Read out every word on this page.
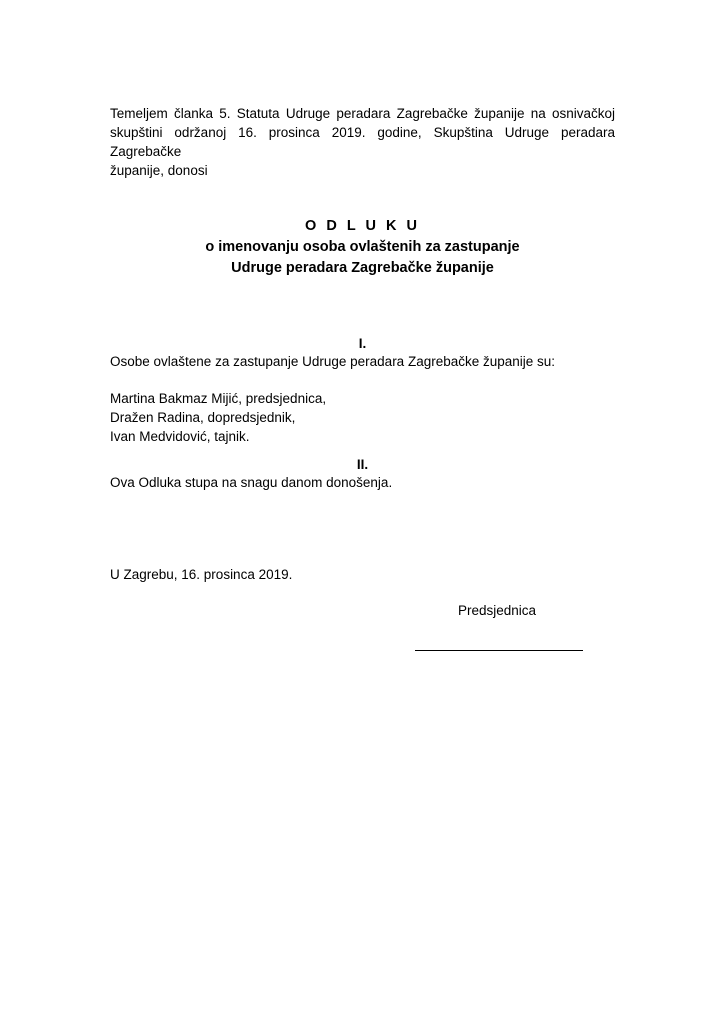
Temeljem članka 5. Statuta Udruge peradara Zagrebačke županije na osnivačkoj
skupštini održanoj 16. prosinca 2019. godine, Skupština Udruge peradara Zagrebačke
županije, donosi
O D L U K U
o imenovanju osoba ovlaštenih za zastupanje
Udruge peradara Zagrebačke županije
I.
Osobe ovlaštene za zastupanje Udruge peradara Zagrebačke županije su:
Martina Bakmaz Mijić, predsjednica,
Dražen Radina, dopredsjednik,
Ivan Medvidović, tajnik.
II.
Ova Odluka stupa na snagu danom donošenja.
U Zagrebu, 16. prosinca 2019.
Predsjednica
